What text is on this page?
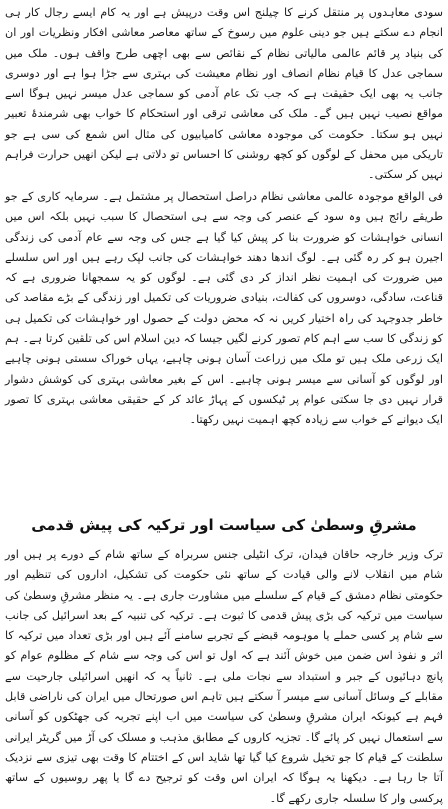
سودی معاہدوں پر منتقل کرنے کا چیلنج اس وقت درپیش ہے اور یہ کام ایسے رجال کار ہی انجام دے سکتے ہیں جو دینی علوم میں رسوخ کے ساتھ معاصر معاشی افکار ونظریات اور ان کی بنیاد پر قائم عالمی مالیاتی نظام کے نقائص سے بھی اچھی طرح واقف ہوں۔ ملک میں سماجی عدل کا قیام نظام انصاف اور نظام معیشت کی بہتری سے جڑا ہوا ہے اور دوسری جانب یہ بھی ایک حقیقت ہے کہ جب تک عام آدمی کو سماجی عدل میسر نہیں ہوگا اسے مواقع نصیب نہیں ہیں گے۔ ملک کی معاشی ترقی اور استحکام کا خواب بھی شرمندۂ تعبیر نہیں ہو سکتا۔ حکومت کی موجودہ معاشی کامیابیوں کی مثال اس شمع کی سی ہے جو تاریکی میں محفل کے لوگوں کو کچھ روشنی کا احساس تو دلاتی ہے لیکن انھیں حرارت فراہم نہیں کر سکتی۔

فی الواقع موجودہ عالمی معاشی نظام دراصل استحصال پر مشتمل ہے۔ سرمایہ کاری کے جو طریقے رائج ہیں وہ سود کے عنصر کی وجہ سے ہی استحصال کا سبب نہیں بلکہ اس میں انسانی خواہشات کو ضرورت بنا کر پیش کیا گیا ہے جس کی وجہ سے عام آدمی کی زندگی اجیرن ہو کر رہ گئی ہے۔ لوگ اندھا دھند خواہشات کی جانب لپک رہے ہیں اور اس سلسلے میں ضرورت کی اہمیت نظر انداز کر دی گئی ہے۔ لوگوں کو یہ سمجھانا ضروری ہے کہ قناعت، سادگی، دوسروں کی کفالت، بنیادی ضروریات کی تکمیل اور زندگی کے بڑے مقاصد کی خاطر جدوجہد کی راہ اختیار کریں نہ کہ محض دولت کے حصول اور خواہشات کی تکمیل ہی کو زندگی کا سب سے اہم کام تصور کرنے لگیں جیسا کہ دین اسلام اس کی تلقین کرتا ہے۔ ہم ایک زرعی ملک ہیں تو ملک میں زراعت آسان ہونی چاہیے، یہاں خوراک سستی ہونی چاہیے اور لوگوں کو آسانی سے میسر ہونی چاہیے۔ اس کے بغیر معاشی بہتری کی کوشش دشوار قرار نہیں دی جا سکتی عوام پر ٹیکسوں کے پہاڑ عائد کر کے حقیقی معاشی بہتری کا تصور ایک دیوانے کے خواب سے زیادہ کچھ اہمیت نہیں رکھتا۔

مشرقِ وسطیٰ کی سیاست اور ترکیہ کی پیش قدمی

ترک وزیر خارجہ حاقان فیدان، ترک انٹیلی جنس سربراہ کے ساتھ شام کے دورے پر ہیں اور شام میں انقلاب لانے والی قیادت کے ساتھ نئی حکومت کی تشکیل، اداروں کی تنظیم اور حکومتی نظام دمشق کے قیام کے سلسلے میں مشاورت جاری ہے۔ یہ منظر مشرقِ وسطیٰ کی سیاست میں ترکیہ کی بڑی پیش قدمی کا ثبوت ہے۔ ترکیہ کی تنبیہ کے بعد اسرائیل کی جانب سے شام پر کسی حملے یا موہومہ قبضے کے تجربے سامنے آئے ہیں اور بڑی تعداد میں ترکیہ کا اثر و نفوذ اس ضمن میں خوش آئند ہے کہ اول تو اس کی وجہ سے شام کے مظلوم عوام کو پانچ دہائیوں کے جبر و استبداد سے نجات ملی ہے۔ ثانیاً یہ کہ انھیں اسرائیلی جارحیت سے مقابلے کے وسائل آسانی سے میسر آ سکتے ہیں تاہم اس صورتحال میں ایران کی ناراضی قابل فہم ہے کیونکہ ایران مشرقِ وسطیٰ کی سیاست میں اب اپنے تجربہ کی جھٹکوں کو آسانی سے استعمال نہیں کر پائے گا۔ تجزیہ کاروں کے مطابق مذہب و مسلک کی آڑ میں گریٹر ایرانی سلطنت کے قیام کا جو تخیل شروع کیا گیا تھا شاید اس کے اختتام کا وقت بھی تیزی سے نزدیک آتا جا رہا ہے۔ دیکھنا یہ ہوگا کہ ایران اس وقت کو ترجیح دے گا یا پھر روسیوں کے ساتھ پرکسی وار کا سلسلہ جاری رکھے گا۔
